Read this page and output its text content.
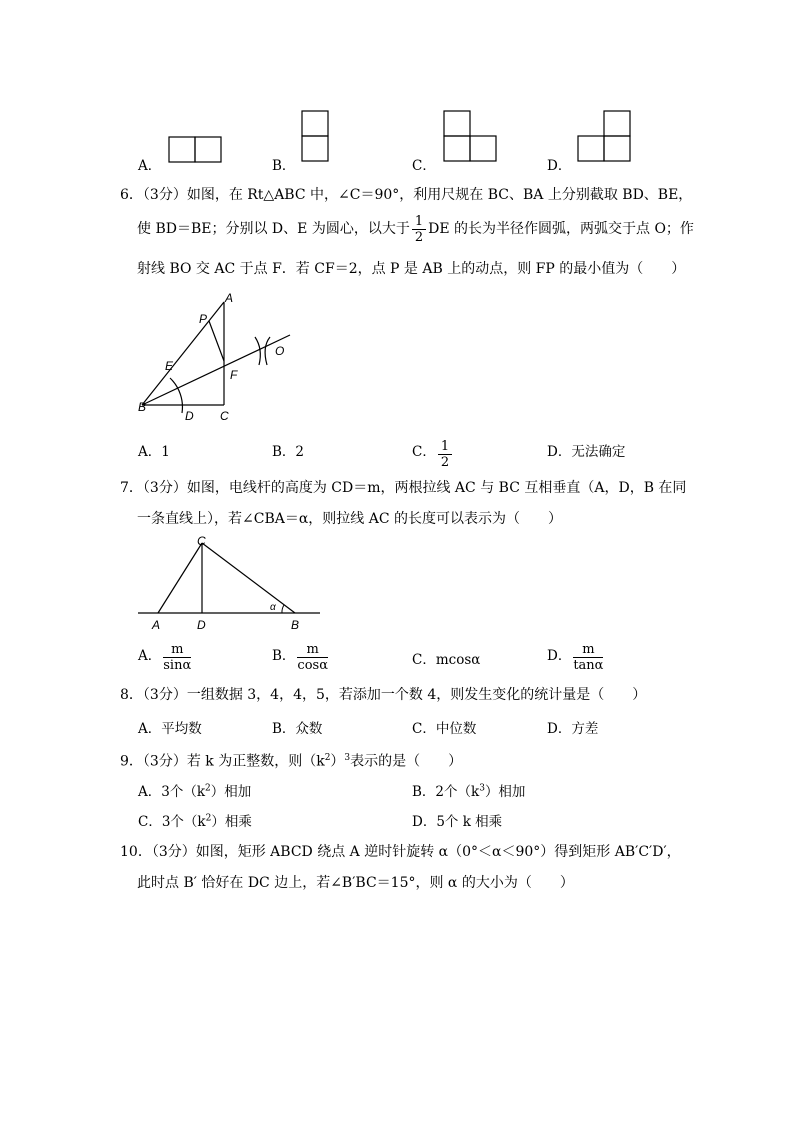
A．	B．	C．	D．
6．（3分）如图，在 Rt△ABC 中，∠C＝90°，利用尺规在 BC、BA 上分别截取 BD、BE，
使 BD＝BE；分别以 D、E 为圆心，以大于 $\frac{1}{2}$ DE 的长为半径作圆弧，两弧交于点 O；作
射线 BO 交 AC 于点 F．若 CF＝2，点 P 是 AB 上的动点，则 FP 的最小值为（　　）
A
P
E
F
O
B
D C
A．1	B．2	C． $\frac{1}{2}$	D．无法确定
7．（3分）如图，电线杆的高度为 CD＝m，两根拉线 AC 与 BC 互相垂直（A，D，B 在同
一条直线上），若∠CBA＝α，则拉线 AC 的长度可以表示为（　　）
C
A	D	B
α
A． $\frac{m}{\sin\alpha}$	B． $\frac{m}{\cos\alpha}$	C．mcosα	D． $\frac{m}{\tan\alpha}$
8．（3分）一组数据 3，4，4，5，若添加一个数 4，则发生变化的统计量是（　　）
A．平均数	B．众数	C．中位数	D．方差
9．（3分）若 k 为正整数，则$(k^2)^3$表示的是（　　）
A．3个$(k^2)$相加	B．2个$(k^3)$相加
C．3个$(k^2)$相乘	D．5个 k 相乘
10．（3分）如图，矩形 ABCD 绕点 A 逆时针旋转 α（0°＜α＜90°）得到矩形 AB′C′D′，
此时点 B′ 恰好在 DC 边上，若∠B′BC＝15°，则 α 的大小为（　　）
